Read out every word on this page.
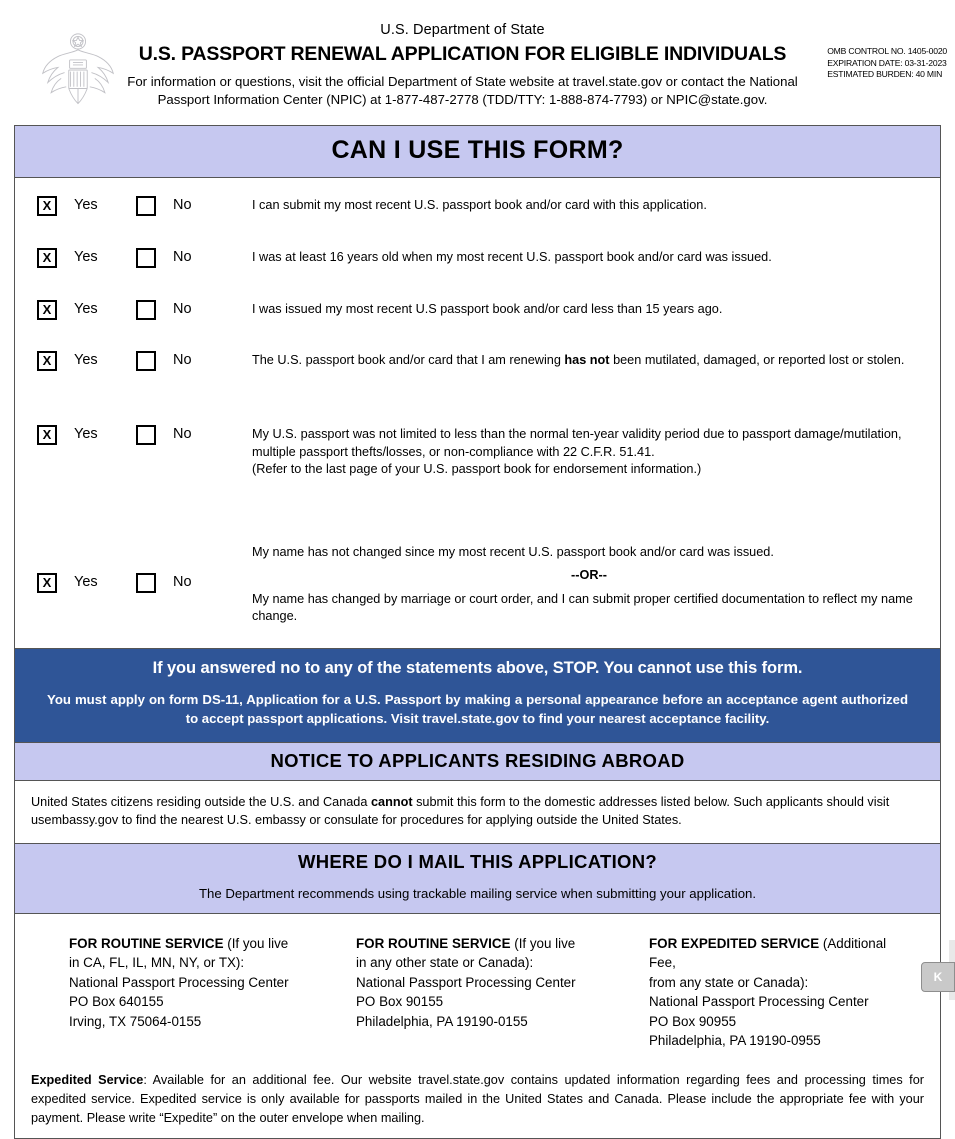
U.S. Department of State
U.S. PASSPORT RENEWAL APPLICATION FOR ELIGIBLE INDIVIDUALS
For information or questions, visit the official Department of State website at travel.state.gov or contact the National Passport Information Center (NPIC) at 1-877-487-2778 (TDD/TTY: 1-888-874-7793) or NPIC@state.gov.
OMB CONTROL NO. 1405-0020
EXPIRATION DATE: 03-31-2023
ESTIMATED BURDEN: 40 MIN
CAN I USE THIS FORM?
X	Yes	No	I can submit my most recent U.S. passport book and/or card with this application.
X	Yes	No	I was at least 16 years old when my most recent U.S. passport book and/or card was issued.
X	Yes	No	I was issued my most recent U.S passport book and/or card less than 15 years ago.
X	Yes	No	The U.S. passport book and/or card that I am renewing has not been mutilated, damaged, or reported lost or stolen.
X	Yes	No	My U.S. passport was not limited to less than the normal ten-year validity period due to passport damage/mutilation,
multiple passport thefts/losses, or non-compliance with 22 C.F.R. 51.41.
(Refer to the last page of your U.S. passport book for endorsement information.)
X	Yes	No
My name has not changed since my most recent U.S. passport book and/or card was issued.
--OR--
My name has changed by marriage or court order, and I can submit proper certified documentation to reflect my name change.
If you answered no to any of the statements above, STOP. You cannot use this form.
You must apply on form DS-11, Application for a U.S. Passport by making a personal appearance before an acceptance agent authorized to accept passport applications. Visit travel.state.gov to find your nearest acceptance facility.
NOTICE TO APPLICANTS RESIDING ABROAD
United States citizens residing outside the U.S. and Canada cannot submit this form to the domestic addresses listed below. Such applicants should visit usembassy.gov to find the nearest U.S. embassy or consulate for procedures for applying outside the United States.
WHERE DO I MAIL THIS APPLICATION?
The Department recommends using trackable mailing service when submitting your application.
FOR ROUTINE SERVICE (If you live
in CA, FL, IL, MN, NY, or TX):
National Passport Processing Center
PO Box 640155
Irving, TX 75064-0155
FOR ROUTINE SERVICE (If you live
in any other state or Canada):
National Passport Processing Center
PO Box 90155
Philadelphia, PA 19190-0155
FOR EXPEDITED SERVICE (Additional Fee,
from any state or Canada):
National Passport Processing Center
PO Box 90955
Philadelphia, PA 19190-0955
Expedited Service: Available for an additional fee. Our website travel.state.gov contains updated information regarding fees and processing times for expedited service. Expedited service is only available for passports mailed in the United States and Canada. Please include the appropriate fee with your payment. Please write “Expedite” on the outer envelope when mailing.
K
